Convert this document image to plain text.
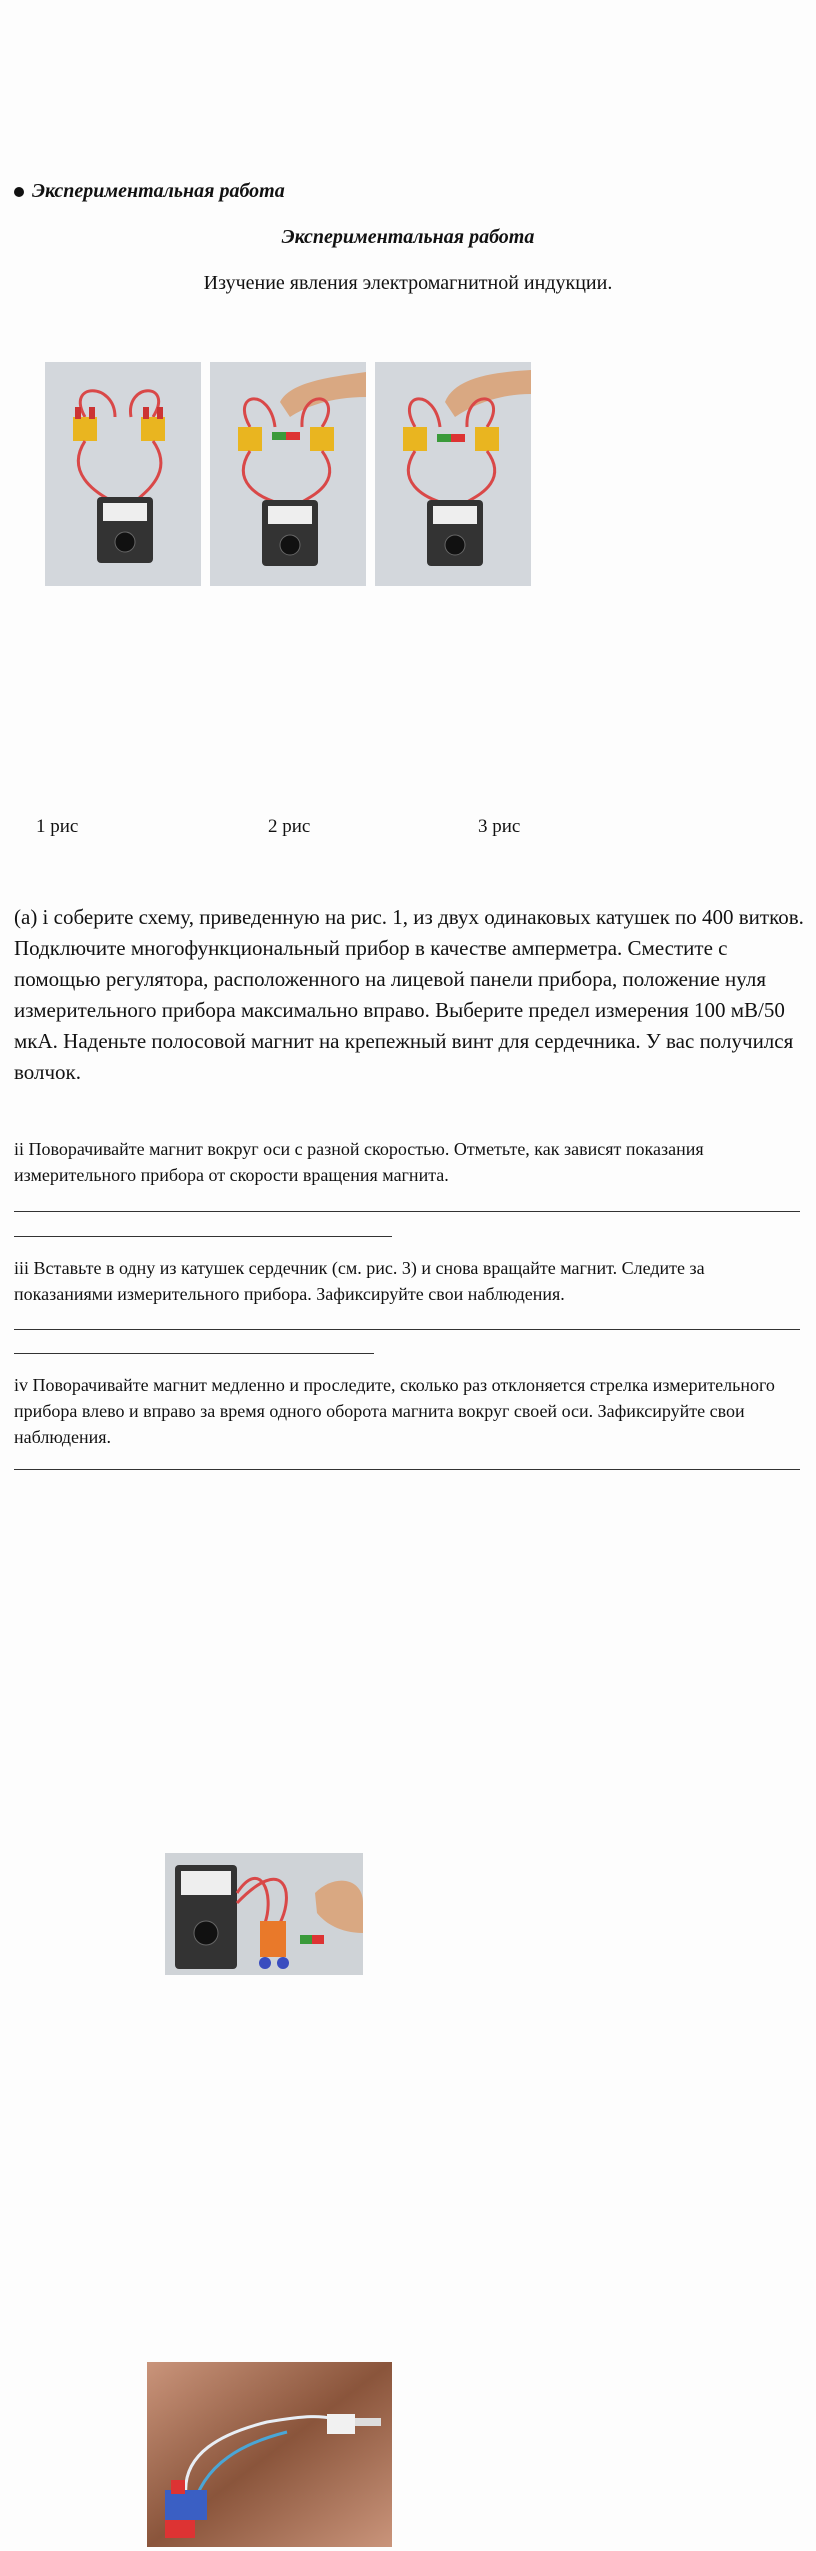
Экспериментальная работа
Экспериментальная работа
Изучение явления электромагнитной индукции.
1 рис	2 рис	3 рис
(a) i соберите схему, приведенную на рис. 1, из двух одинаковых катушек по 400 витков. Подключите многофункциональный прибор в качестве амперметра. Сместите с помощью регулятора, расположенного на лицевой панели прибора, положение нуля измерительного прибора максимально вправо. Выберите предел измерения 100 мВ/50 мкА. Наденьте полосовой магнит на крепежный винт для сердечника. У вас получился волчок.
ii Поворачивайте магнит вокруг оси с разной скоростью. Отметьте, как зависят показания измерительного прибора от скорости вращения магнита.
iii Вставьте в одну из катушек сердечник (см. рис. 3) и снова вращайте магнит. Следите за показаниями измерительного прибора. Зафиксируйте свои наблюдения.
iv Поворачивайте магнит медленно и проследите, сколько раз отклоняется стрелка измерительного прибора влево и вправо за время одного оборота магнита вокруг своей оси. Зафиксируйте свои наблюдения.
